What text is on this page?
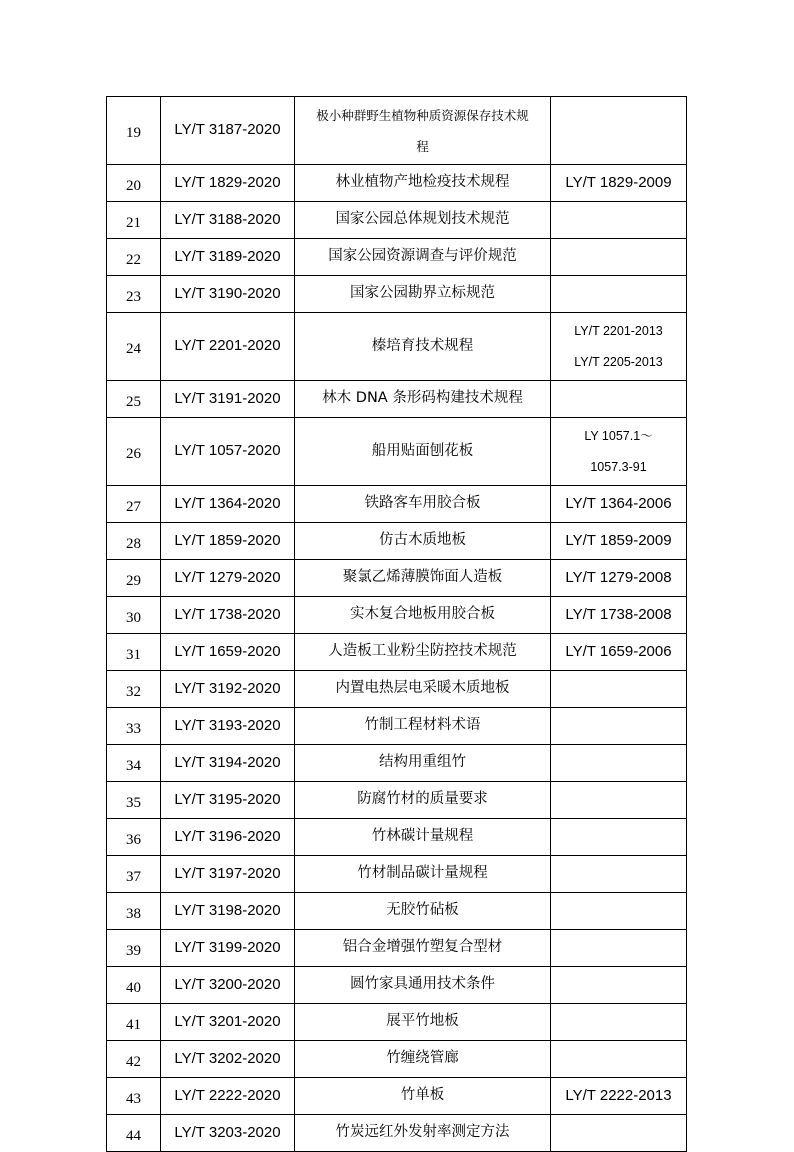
19	LY/T 3187-2020	极小种群野生植物种质资源保存技术规
程	

20	LY/T 1829-2020	林业植物产地检疫技术规程	LY/T 1829-2009
21	LY/T 3188-2020	国家公园总体规划技术规范	
22	LY/T 3189-2020	国家公园资源调查与评价规范	
23	LY/T 3190-2020	国家公园勘界立标规范	
24	LY/T 2201-2020	榛培育技术规程	LY/T 2201-2013
LY/T 2205-2013

25	LY/T 3191-2020	林木 DNA 条形码构建技术规程	
26	LY/T 1057-2020	船用贴面刨花板	LY 1057.1～
1057.3-91

27	LY/T 1364-2020	铁路客车用胶合板	LY/T 1364-2006
28	LY/T 1859-2020	仿古木质地板	LY/T 1859-2009
29	LY/T 1279-2020	聚氯乙烯薄膜饰面人造板	LY/T 1279-2008
30	LY/T 1738-2020	实木复合地板用胶合板	LY/T 1738-2008
31	LY/T 1659-2020	人造板工业粉尘防控技术规范	LY/T 1659-2006
32	LY/T 3192-2020	内置电热层电采暖木质地板	
33	LY/T 3193-2020	竹制工程材料术语	
34	LY/T 3194-2020	结构用重组竹	
35	LY/T 3195-2020	防腐竹材的质量要求	
36	LY/T 3196-2020	竹林碳计量规程	
37	LY/T 3197-2020	竹材制品碳计量规程	
38	LY/T 3198-2020	无胶竹砧板	
39	LY/T 3199-2020	铝合金增强竹塑复合型材	
40	LY/T 3200-2020	圆竹家具通用技术条件	
41	LY/T 3201-2020	展平竹地板	
42	LY/T 3202-2020	竹缠绕管廊	
43	LY/T 2222-2020	竹单板	LY/T 2222-2013
44	LY/T 3203-2020	竹炭远红外发射率测定方法	
